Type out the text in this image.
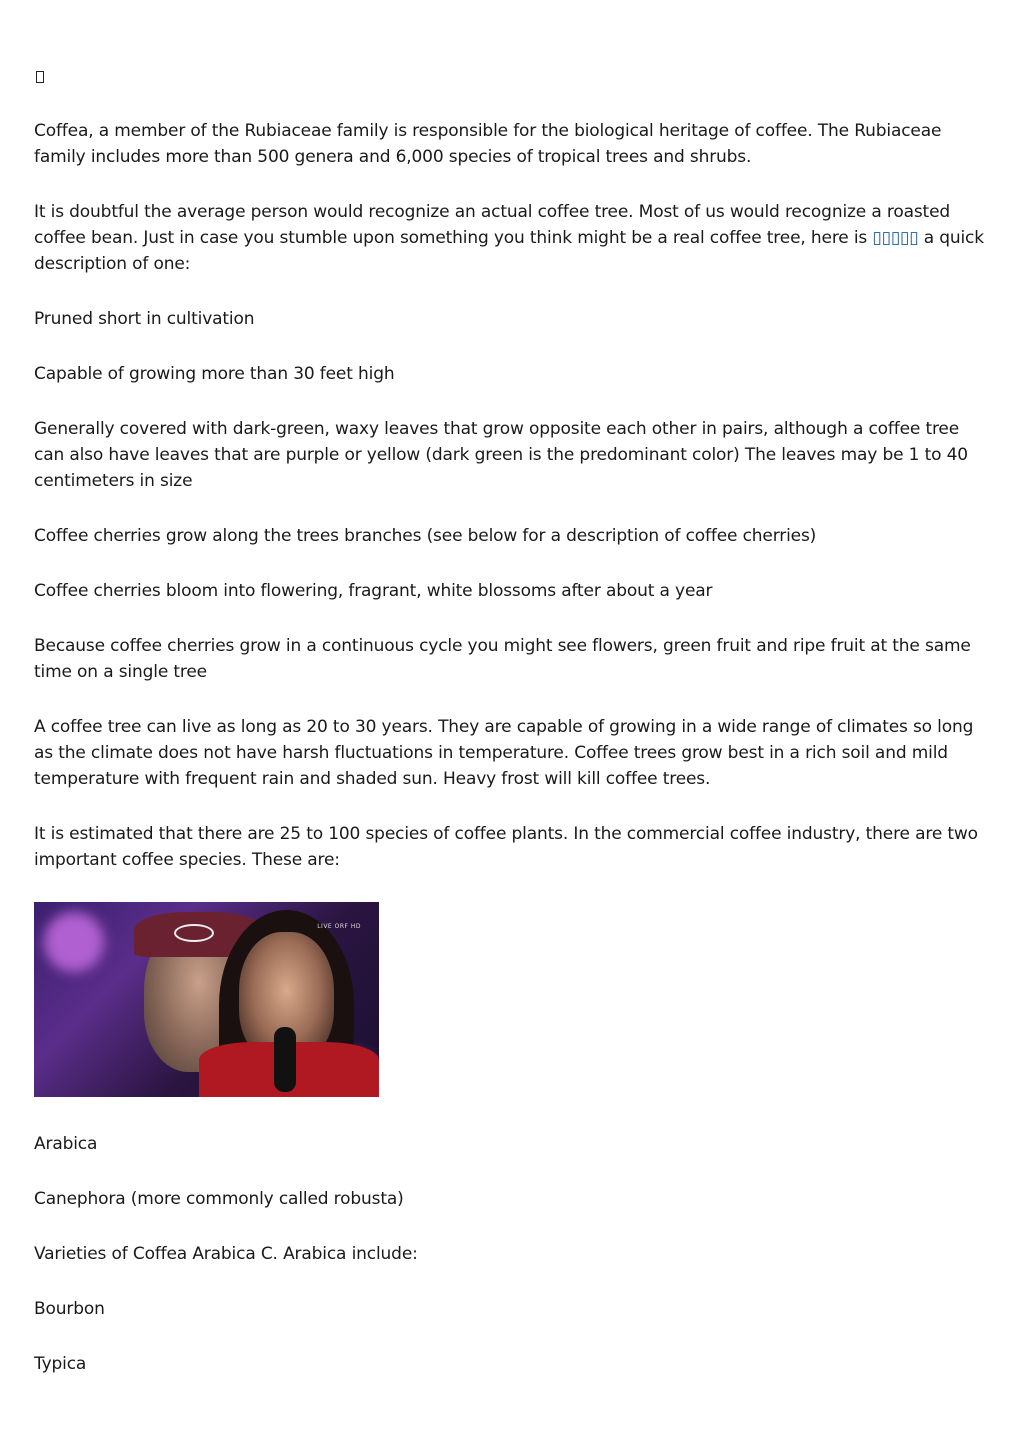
Coffea, a member of the Rubiaceae family is responsible for the biological heritage of coffee. The Rubiaceae family includes more than 500 genera and 6,000 species of tropical trees and shrubs.

It is doubtful the average person would recognize an actual coffee tree. Most of us would recognize a roasted coffee bean. Just in case you stumble upon something you think might be a real coffee tree, here is ▯▯▯▯▯ a quick description of one:

Pruned short in cultivation

Capable of growing more than 30 feet high

Generally covered with dark-green, waxy leaves that grow opposite each other in pairs, although a coffee tree can also have leaves that are purple or yellow (dark green is the predominant color) The leaves may be 1 to 40 centimeters in size

Coffee cherries grow along the trees branches (see below for a description of coffee cherries)

Coffee cherries bloom into flowering, fragrant, white blossoms after about a year

Because coffee cherries grow in a continuous cycle you might see flowers, green fruit and ripe fruit at the same time on a single tree

A coffee tree can live as long as 20 to 30 years. They are capable of growing in a wide range of climates so long as the climate does not have harsh fluctuations in temperature. Coffee trees grow best in a rich soil and mild temperature with frequent rain and shaded sun. Heavy frost will kill coffee trees.

It is estimated that there are 25 to 100 species of coffee plants. In the commercial coffee industry, there are two important coffee species. These are:

LIVE ORF HD

Arabica

Canephora (more commonly called robusta)

Varieties of Coffea Arabica C. Arabica include:

Bourbon

Typica
